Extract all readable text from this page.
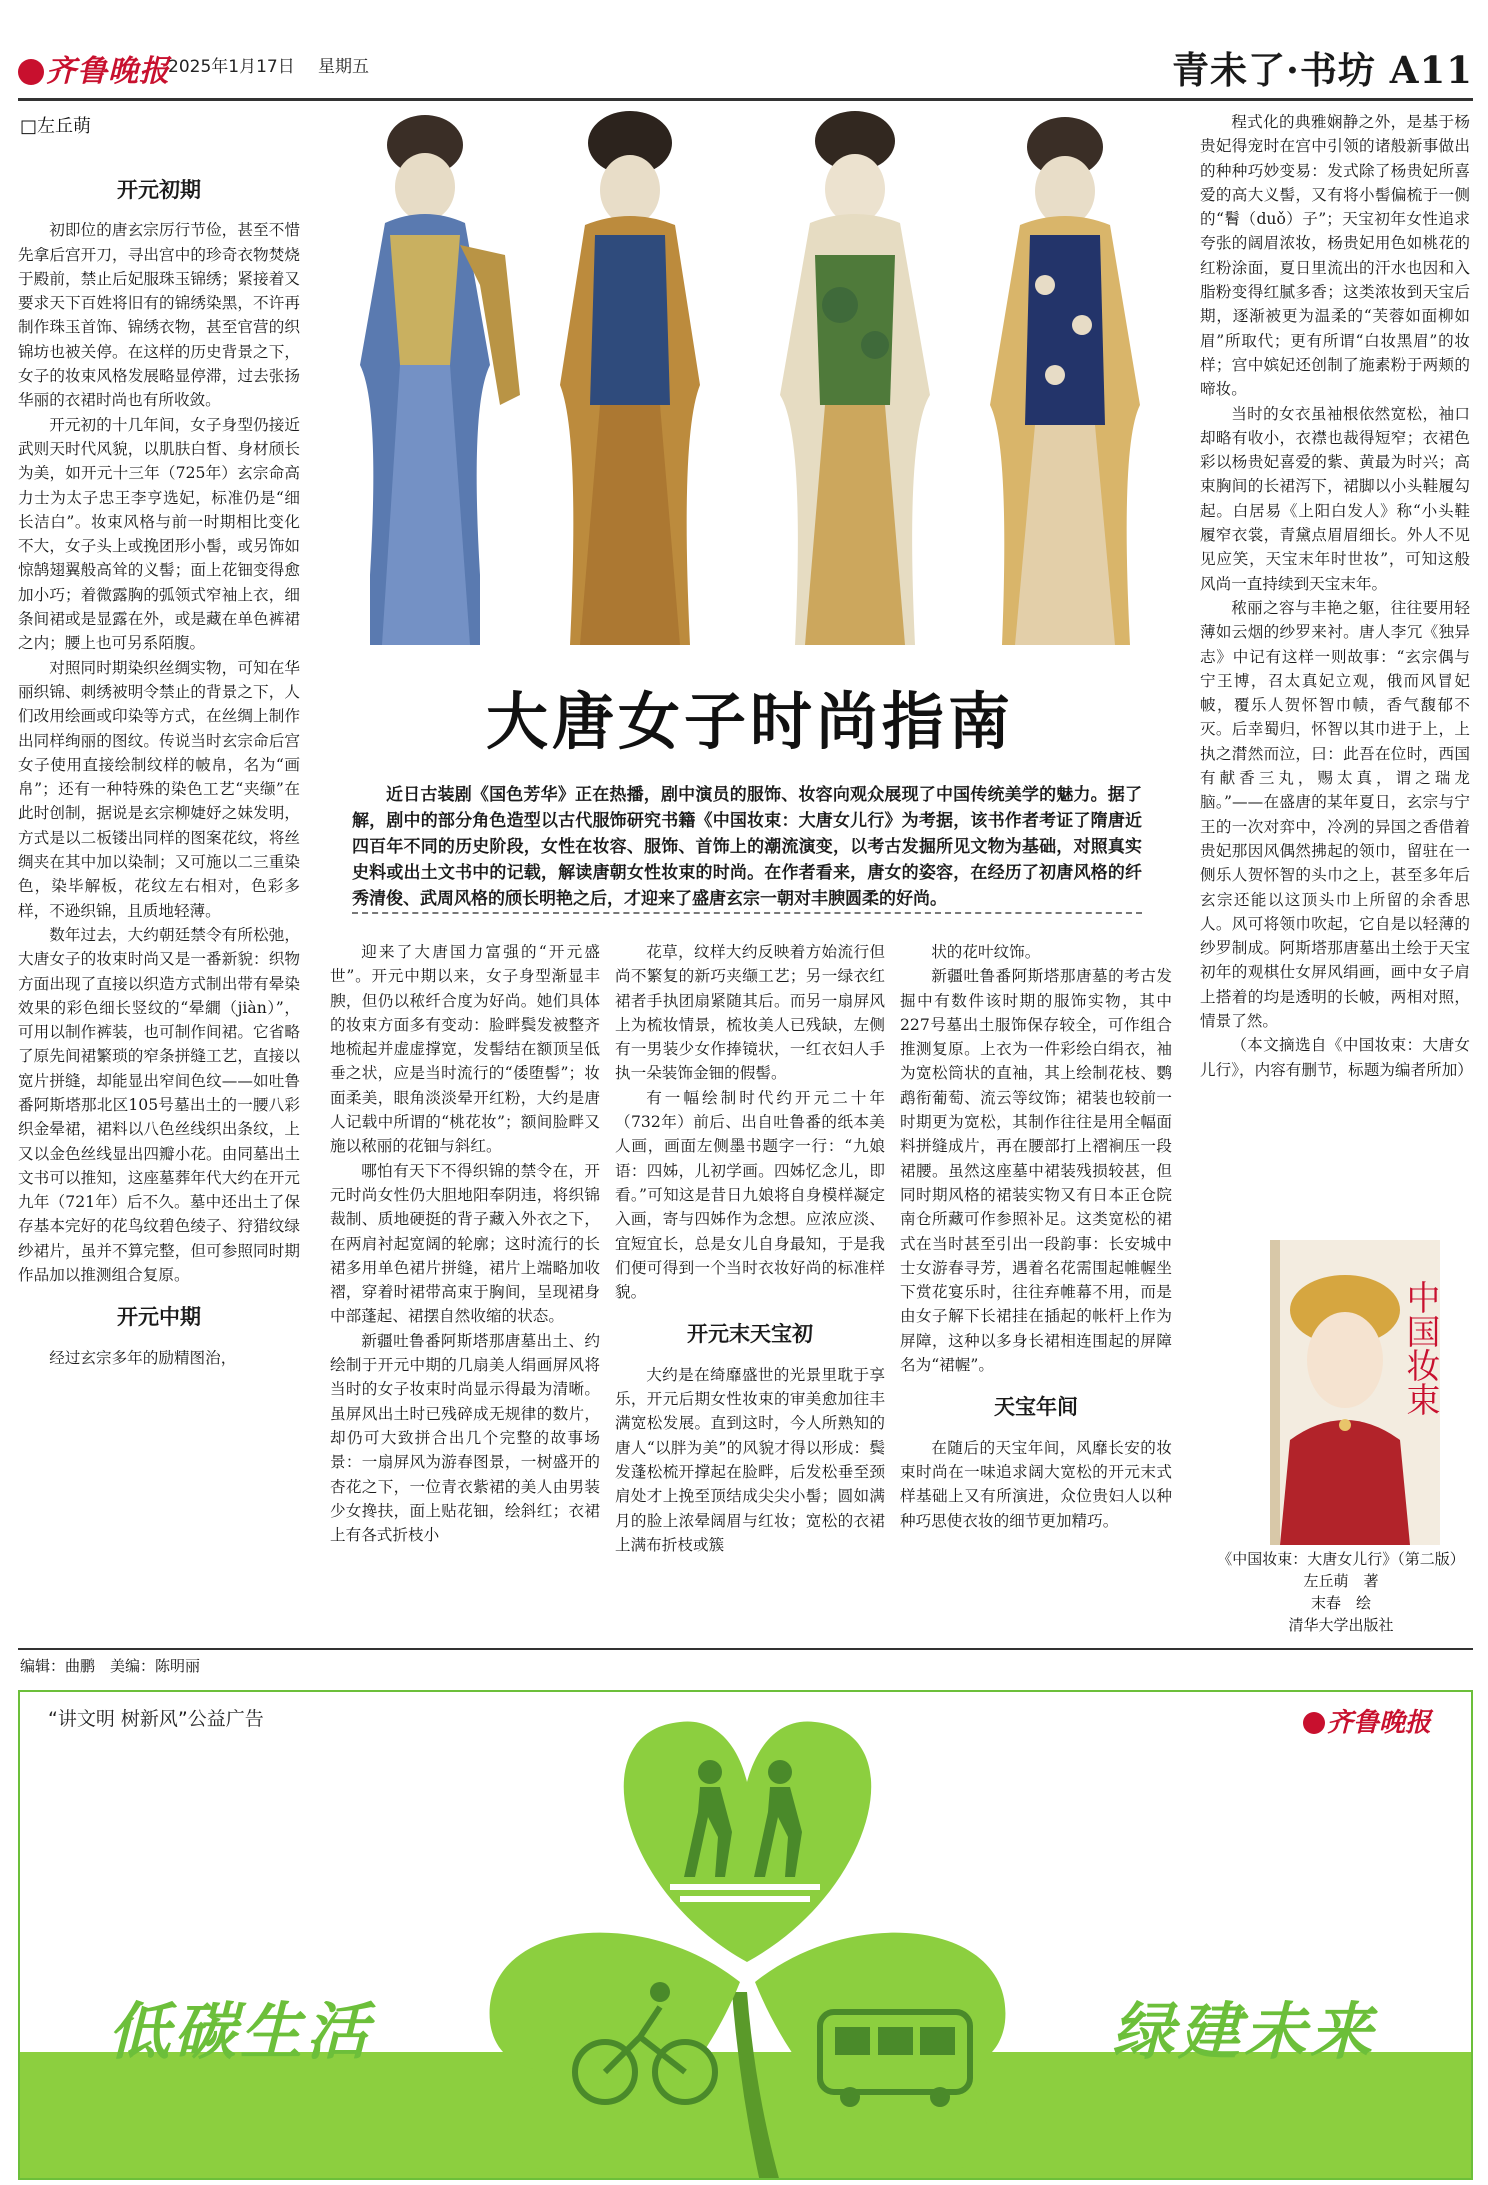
齐鲁晚报
2025年1月17日 星期五	青未了·书坊 A11
□左丘萌
开元初期

初即位的唐玄宗厉行节俭，甚至不惜先拿后宫开刀，寻出宫中的珍奇衣物焚烧于殿前，禁止后妃服珠玉锦绣；紧接着又要求天下百姓将旧有的锦绣染黑，不许再制作珠玉首饰、锦绣衣物，甚至官营的织锦坊也被关停。在这样的历史背景之下，女子的妆束风格发展略显停滞，过去张扬华丽的衣裙时尚也有所收敛。

开元初的十几年间，女子身型仍接近武则天时代风貌，以肌肤白皙、身材颀长为美，如开元十三年（725年）玄宗命高力士为太子忠王李亨选妃，标准仍是“细长洁白”。妆束风格与前一时期相比变化不大，女子头上或挽团形小髻，或另饰如惊鹄翅翼般高耸的义髻；面上花钿变得愈加小巧；着微露胸的弧领式窄袖上衣，细条间裙或是显露在外，或是藏在单色裤裙之内；腰上也可另系陌腹。

对照同时期染织丝绸实物，可知在华丽织锦、刺绣被明令禁止的背景之下，人们改用绘画或印染等方式，在丝绸上制作出同样绚丽的图纹。传说当时玄宗命后宫女子使用直接绘制纹样的帔帛，名为“画帛”；还有一种特殊的染色工艺“夹缬”在此时创制，据说是玄宗柳婕妤之妹发明，方式是以二板镂出同样的图案花纹，将丝绸夹在其中加以染制；又可施以二三重染色，染毕解板，花纹左右相对，色彩多样，不逊织锦，且质地轻薄。

数年过去，大约朝廷禁令有所松弛，大唐女子的妆束时尚又是一番新貌：织物方面出现了直接以织造方式制出带有晕染效果的彩色细长竖纹的“晕繝（jiàn）”，可用以制作裤装，也可制作间裙。它省略了原先间裙繁琐的窄条拼缝工艺，直接以宽片拼缝，却能显出窄间色纹——如吐鲁番阿斯塔那北区105号墓出土的一腰八彩织金晕裙，裙料以八色丝线织出条纹，上又以金色丝线显出四瓣小花。由同墓出土文书可以推知，这座墓葬年代大约在开元九年（721年）后不久。墓中还出土了保存基本完好的花鸟纹碧色绫子、狩猎纹绿纱裙片，虽并不算完整，但可参照同时期作品加以推测组合复原。

开元中期

经过玄宗多年的励精图治，

大唐女子时尚指南

近日古装剧《国色芳华》正在热播，剧中演员的服饰、妆容向观众展现了中国传统美学的魅力。据了解，剧中的部分角色造型以古代服饰研究书籍《中国妆束：大唐女儿行》为考据，该书作者考证了隋唐近四百年不同的历史阶段，女性在妆容、服饰、首饰上的潮流演变，以考古发掘所见文物为基础，对照真实史料或出土文书中的记载，解读唐朝女性妆束的时尚。在作者看来，唐女的姿容，在经历了初唐风格的纤秀清俊、武周风格的颀长明艳之后，才迎来了盛唐玄宗一朝对丰腴圆柔的好尚。

迎来了大唐国力富强的“开元盛世”。开元中期以来，女子身型渐显丰腴，但仍以秾纤合度为好尚。她们具体的妆束方面多有变动：脸畔鬓发被整齐地梳起并虚虚撑宽，发髻结在额顶呈低垂之状，应是当时流行的“倭堕髻”；妆面柔美，眼角淡淡晕开红粉，大约是唐人记载中所谓的“桃花妆”；额间脸畔又施以秾丽的花钿与斜红。

哪怕有天下不得织锦的禁令在，开元时尚女性仍大胆地阳奉阴违，将织锦裁制、质地硬挺的背子藏入外衣之下，在两肩衬起宽阔的轮廓；这时流行的长裙多用单色裙片拼缝，裙片上端略加收褶，穿着时裙带高束于胸间，呈现裙身中部蓬起、裙摆自然收缩的状态。

新疆吐鲁番阿斯塔那唐墓出土、约绘制于开元中期的几扇美人绢画屏风将当时的女子妆束时尚显示得最为清晰。虽屏风出土时已残碎成无规律的数片，却仍可大致拼合出几个完整的故事场景：一扇屏风为游春图景，一树盛开的杏花之下，一位青衣紫裙的美人由男装少女搀扶，面上贴花钿，绘斜红；衣裙上有各式折枝小

花草，纹样大约反映着方始流行但尚不繁复的新巧夹缬工艺；另一绿衣红裙者手执团扇紧随其后。而另一扇屏风上为梳妆情景，梳妆美人已残缺，左侧有一男装少女作捧镜状，一红衣妇人手执一朵装饰金钿的假髻。

有一幅绘制时代约开元二十年（732年）前后、出自吐鲁番的纸本美人画，画面左侧墨书题字一行：“九娘语：四姊，儿初学画。四姊忆念儿，即看。”可知这是昔日九娘将自身模样凝定入画，寄与四姊作为念想。应浓应淡、宜短宜长，总是女儿自身最知，于是我们便可得到一个当时衣妆好尚的标准样貌。

开元末天宝初

大约是在绮靡盛世的光景里耽于享乐，开元后期女性妆束的审美愈加往丰满宽松发展。直到这时，今人所熟知的唐人“以胖为美”的风貌才得以形成：鬓发蓬松梳开撑起在脸畔，后发松垂至颈肩处才上挽至顶结成尖尖小髻；圆如满月的脸上浓晕阔眉与红妆；宽松的衣裙上满布折枝或簇

状的花叶纹饰。

新疆吐鲁番阿斯塔那唐墓的考古发掘中有数件该时期的服饰实物，其中227号墓出土服饰保存较全，可作组合推测复原。上衣为一件彩绘白绢衣，袖为宽松筒状的直袖，其上绘制花枝、鹦鹉衔葡萄、流云等纹饰；裙装也较前一时期更为宽松，其制作往往是用全幅面料拼缝成片，再在腰部打上褶裥压一段裙腰。虽然这座墓中裙装残损较甚，但同时期风格的裙装实物又有日本正仓院南仓所藏可作参照补足。这类宽松的裙式在当时甚至引出一段韵事：长安城中士女游春寻芳，遇着名花需围起帷幄坐下赏花宴乐时，往往弃帷幕不用，而是由女子解下长裙挂在插起的帐杆上作为屏障，这种以多身长裙相连围起的屏障名为“裙幄”。

天宝年间

在随后的天宝年间，风靡长安的妆束时尚在一味追求阔大宽松的开元末式样基础上又有所演进，众位贵妇人以种种巧思使衣妆的细节更加精巧。

程式化的典雅娴静之外，是基于杨贵妃得宠时在宫中引领的诸般新事做出的种种巧妙变易：发式除了杨贵妃所喜爱的高大义髻，又有将小髻偏梳于一侧的“鬌（duǒ）子”；天宝初年女性追求夸张的阔眉浓妆，杨贵妃用色如桃花的红粉涂面，夏日里流出的汗水也因和入脂粉变得红腻多香；这类浓妆到天宝后期，逐渐被更为温柔的“芙蓉如面柳如眉”所取代；更有所谓“白妆黑眉”的妆样；宫中嫔妃还创制了施素粉于两颊的啼妆。

当时的女衣虽袖根依然宽松，袖口却略有收小，衣襟也裁得短窄；衣裙色彩以杨贵妃喜爱的紫、黄最为时兴；高束胸间的长裙泻下，裙脚以小头鞋履勾起。白居易《上阳白发人》称“小头鞋履窄衣裳，青黛点眉眉细长。外人不见见应笑，天宝末年时世妆”，可知这般风尚一直持续到天宝末年。

秾丽之容与丰艳之躯，往往要用轻薄如云烟的纱罗来衬。唐人李冗《独异志》中记有这样一则故事：“玄宗偶与宁王博，召太真妃立观，俄而风冒妃帔，覆乐人贺怀智巾帻，香气馥郁不灭。后幸蜀归，怀智以其巾进于上，上执之潸然而泣，曰：此吾在位时，西国有献香三丸，赐太真，谓之瑞龙脑。”——在盛唐的某年夏日，玄宗与宁王的一次对弈中，冷冽的异国之香借着贵妃那因风偶然拂起的领巾，留驻在一侧乐人贺怀智的头巾之上，甚至多年后玄宗还能以这顶头巾上所留的余香思人。风可将领巾吹起，它自是以轻薄的纱罗制成。阿斯塔那唐墓出土绘于天宝初年的观棋仕女屏风绢画，画中女子肩上搭着的均是透明的长帔，两相对照，情景了然。

（本文摘选自《中国妆束：大唐女儿行》，内容有删节，标题为编者所加）

中国妆束
《中国妆束：大唐女儿行》（第二版）
左丘萌　著
末春　绘
清华大学出版社
编辑：曲鹏　美编：陈明丽
“讲文明 树新风”公益广告	齐鲁晚报
低碳生活	绿建未来
